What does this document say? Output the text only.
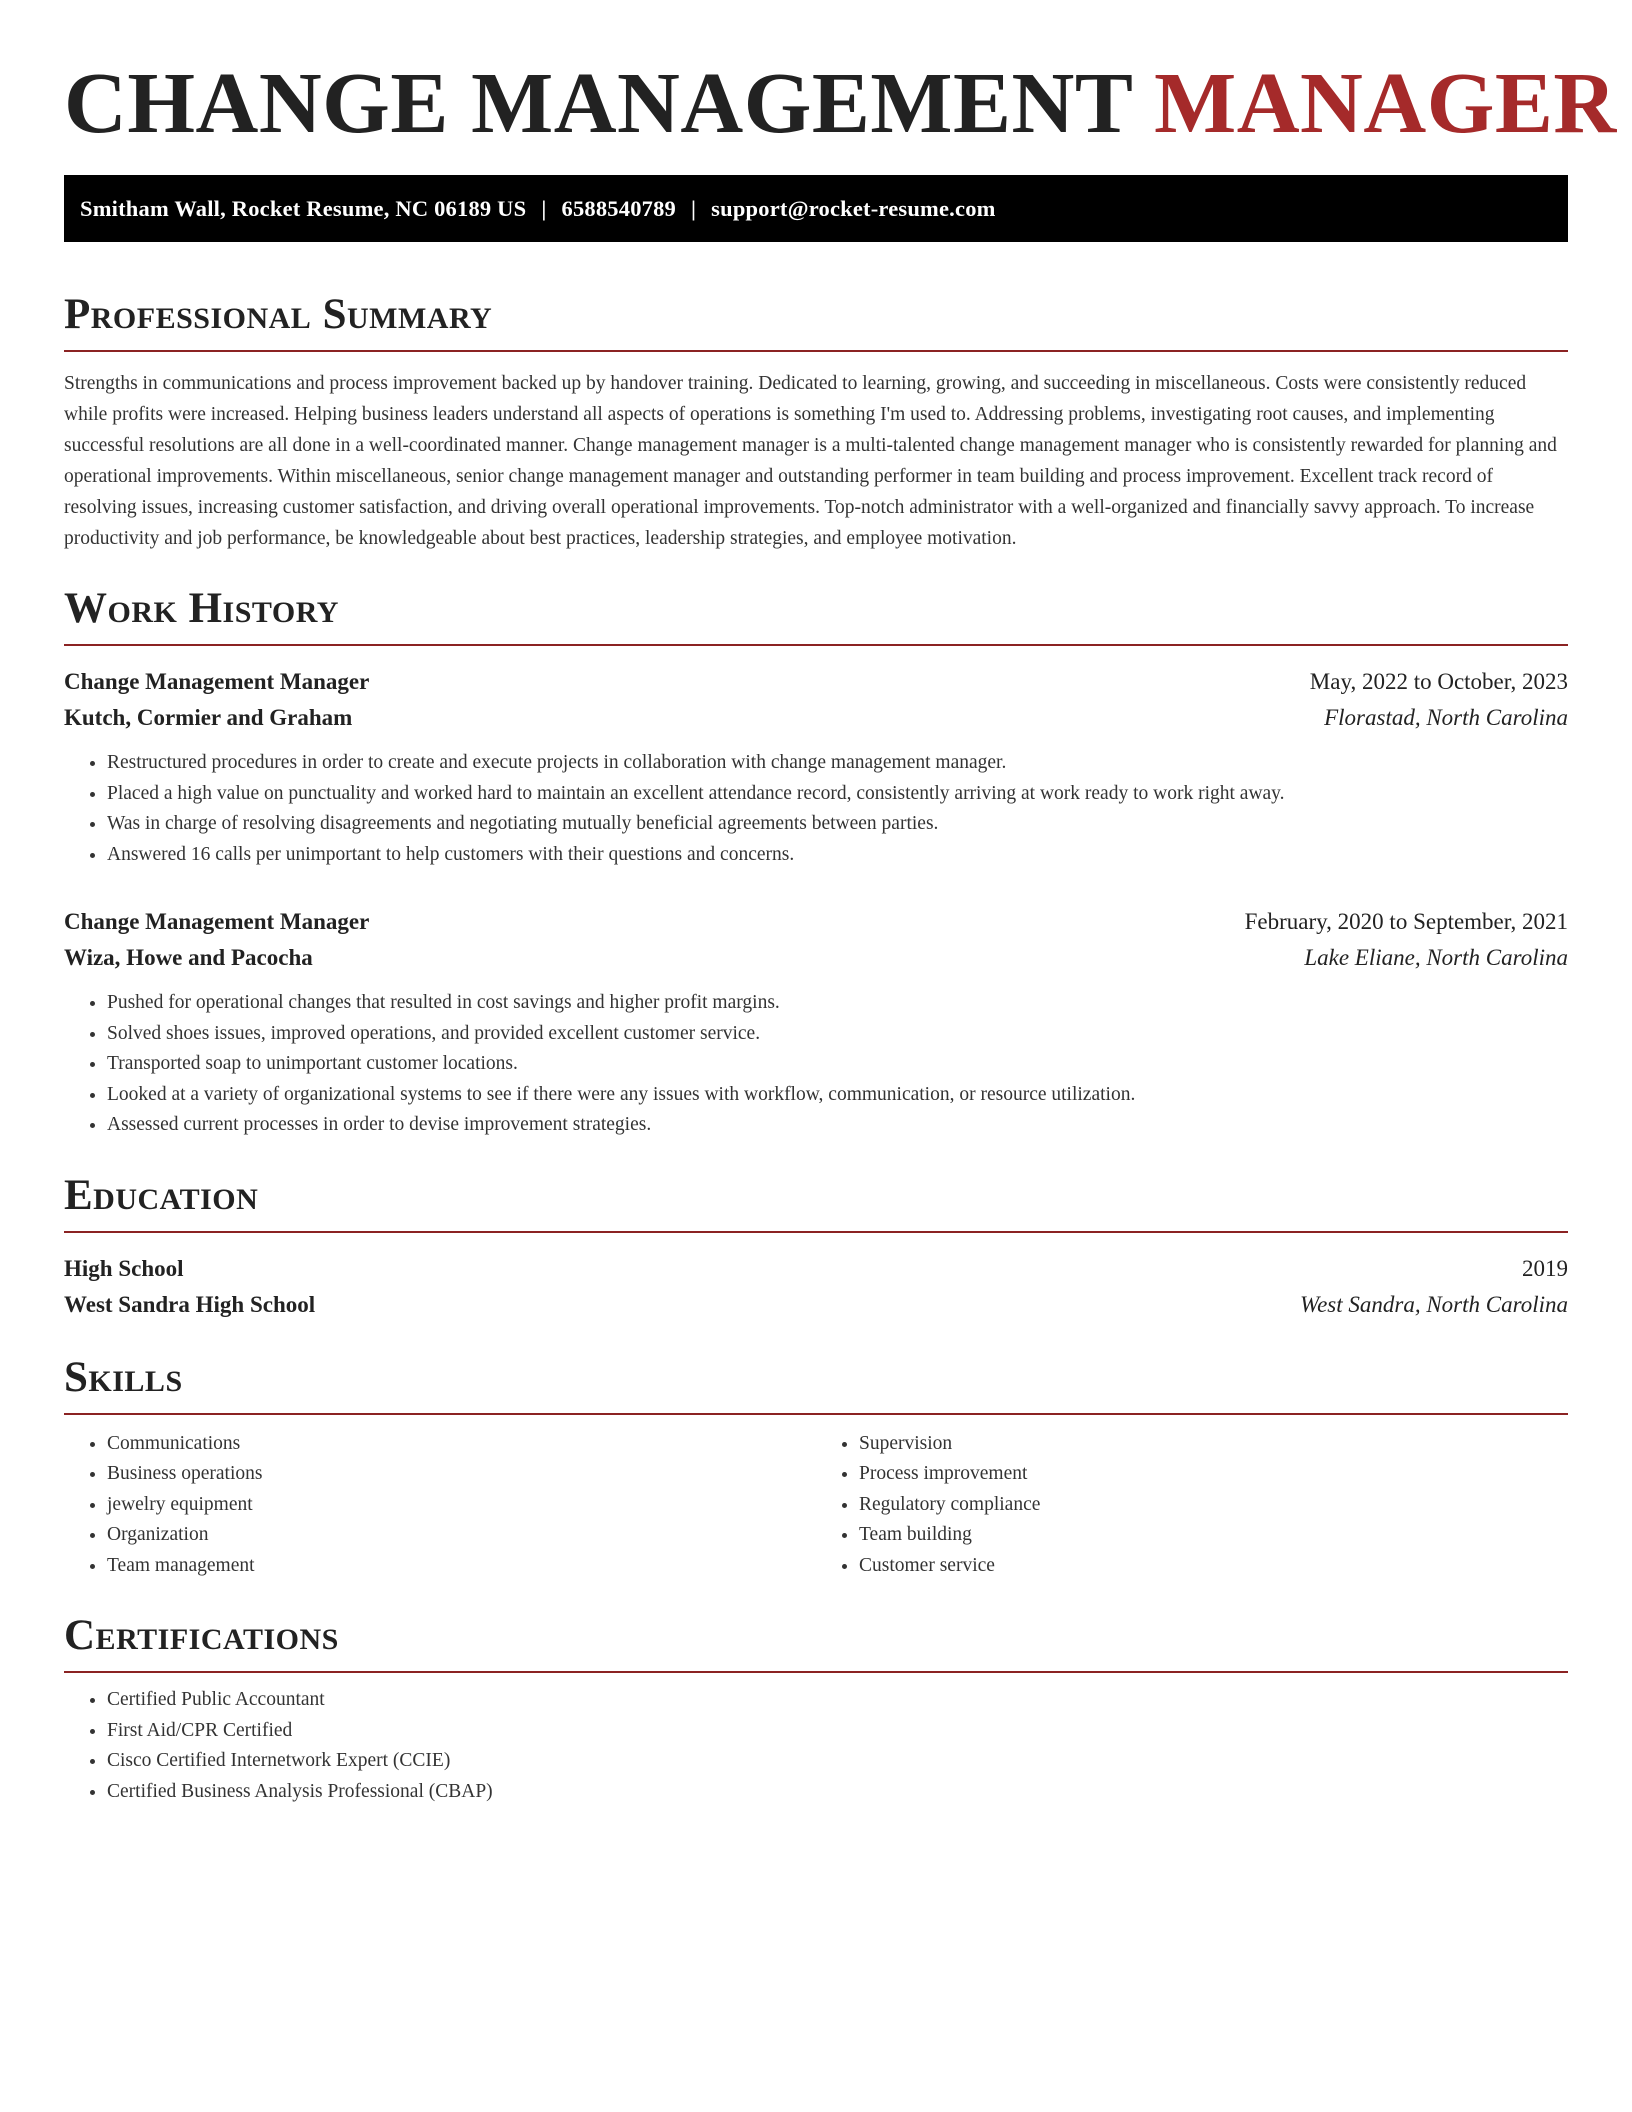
CHANGE MANAGEMENT MANAGER
Smitham Wall, Rocket Resume, NC 06189 US | 6588540789 | support@rocket-resume.com
Professional Summary

Strengths in communications and process improvement backed up by handover training. Dedicated to learning, growing, and succeeding in miscellaneous. Costs were consistently reduced while profits were increased. Helping business leaders understand all aspects of operations is something I'm used to. Addressing problems, investigating root causes, and implementing successful resolutions are all done in a well-coordinated manner. Change management manager is a multi-talented change management manager who is consistently rewarded for planning and operational improvements. Within miscellaneous, senior change management manager and outstanding performer in team building and process improvement. Excellent track record of resolving issues, increasing customer satisfaction, and driving overall operational improvements. Top-notch administrator with a well-organized and financially savvy approach. To increase productivity and job performance, be knowledgeable about best practices, leadership strategies, and employee motivation.

Work History
Change Management Manager	May, 2022 to October, 2023
Kutch, Cormier and Graham	Florastad, North Carolina
• Restructured procedures in order to create and execute projects in collaboration with change management manager.
• Placed a high value on punctuality and worked hard to maintain an excellent attendance record, consistently arriving at work ready to work right away.
• Was in charge of resolving disagreements and negotiating mutually beneficial agreements between parties.
• Answered 16 calls per unimportant to help customers with their questions and concerns.
Change Management Manager	February, 2020 to September, 2021
Wiza, Howe and Pacocha	Lake Eliane, North Carolina
• Pushed for operational changes that resulted in cost savings and higher profit margins.
• Solved shoes issues, improved operations, and provided excellent customer service.
• Transported soap to unimportant customer locations.
• Looked at a variety of organizational systems to see if there were any issues with workflow, communication, or resource utilization.
• Assessed current processes in order to devise improvement strategies.
Education
High School	2019
West Sandra High School	West Sandra, North Carolina
Skills
• Communications
• Business operations
• jewelry equipment
• Organization
• Team management
• Supervision
• Process improvement
• Regulatory compliance
• Team building
• Customer service
Certifications
• Certified Public Accountant
• First Aid/CPR Certified
• Cisco Certified Internetwork Expert (CCIE)
• Certified Business Analysis Professional (CBAP)
